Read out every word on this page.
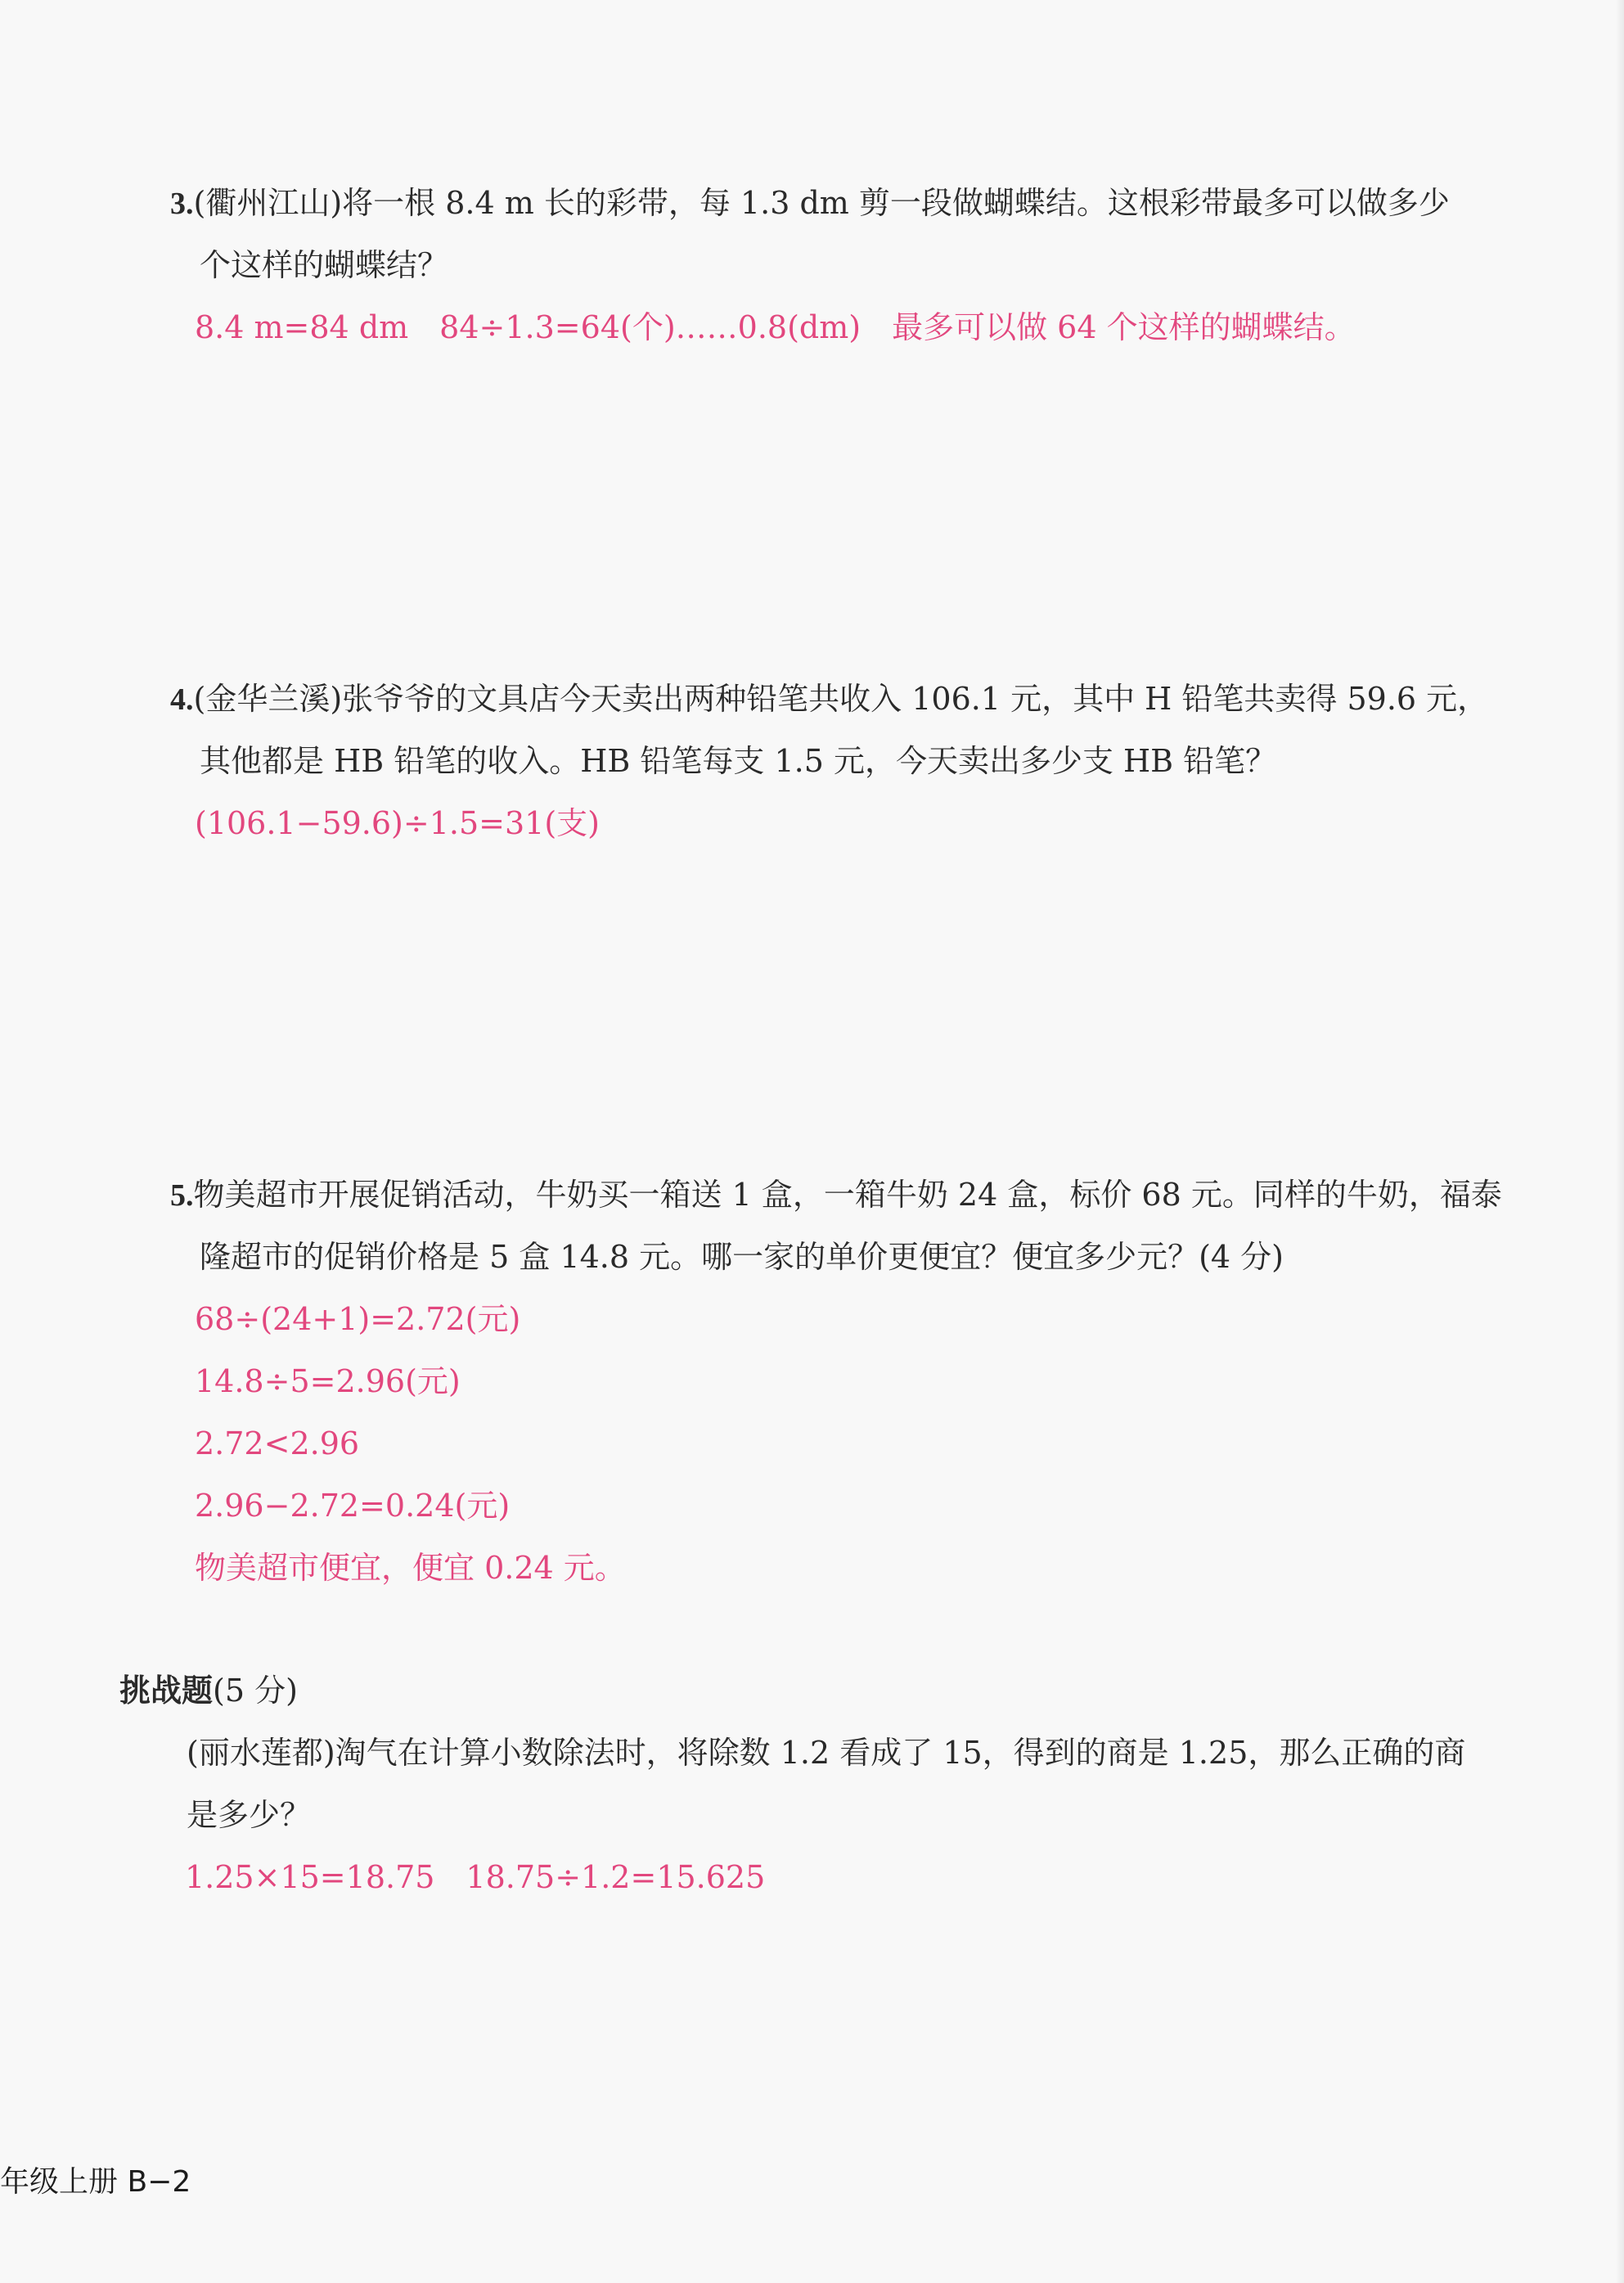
3.(衢州江山)将一根 8.4 m 长的彩带，每 1.3 dm 剪一段做蝴蝶结。这根彩带最多可以做多少
个这样的蝴蝶结？
8.4 m=84 dm　84÷1.3=64(个)……0.8(dm)　最多可以做 64 个这样的蝴蝶结。
4.(金华兰溪)张爷爷的文具店今天卖出两种铅笔共收入 106.1 元，其中 H 铅笔共卖得 59.6 元，
其他都是 HB 铅笔的收入。HB 铅笔每支 1.5 元，今天卖出多少支 HB 铅笔？
(106.1−59.6)÷1.5=31(支)
5.物美超市开展促销活动，牛奶买一箱送 1 盒，一箱牛奶 24 盒，标价 68 元。同样的牛奶，福泰
隆超市的促销价格是 5 盒 14.8 元。哪一家的单价更便宜？便宜多少元？(4 分)
68÷(24+1)=2.72(元)
14.8÷5=2.96(元)
2.72<2.96
2.96−2.72=0.24(元)
物美超市便宜，便宜 0.24 元。
挑战题(5 分)
(丽水莲都)淘气在计算小数除法时，将除数 1.2 看成了 15，得到的商是 1.25，那么正确的商
是多少？
1.25×15=18.75　18.75÷1.2=15.625
年级上册 B−2
